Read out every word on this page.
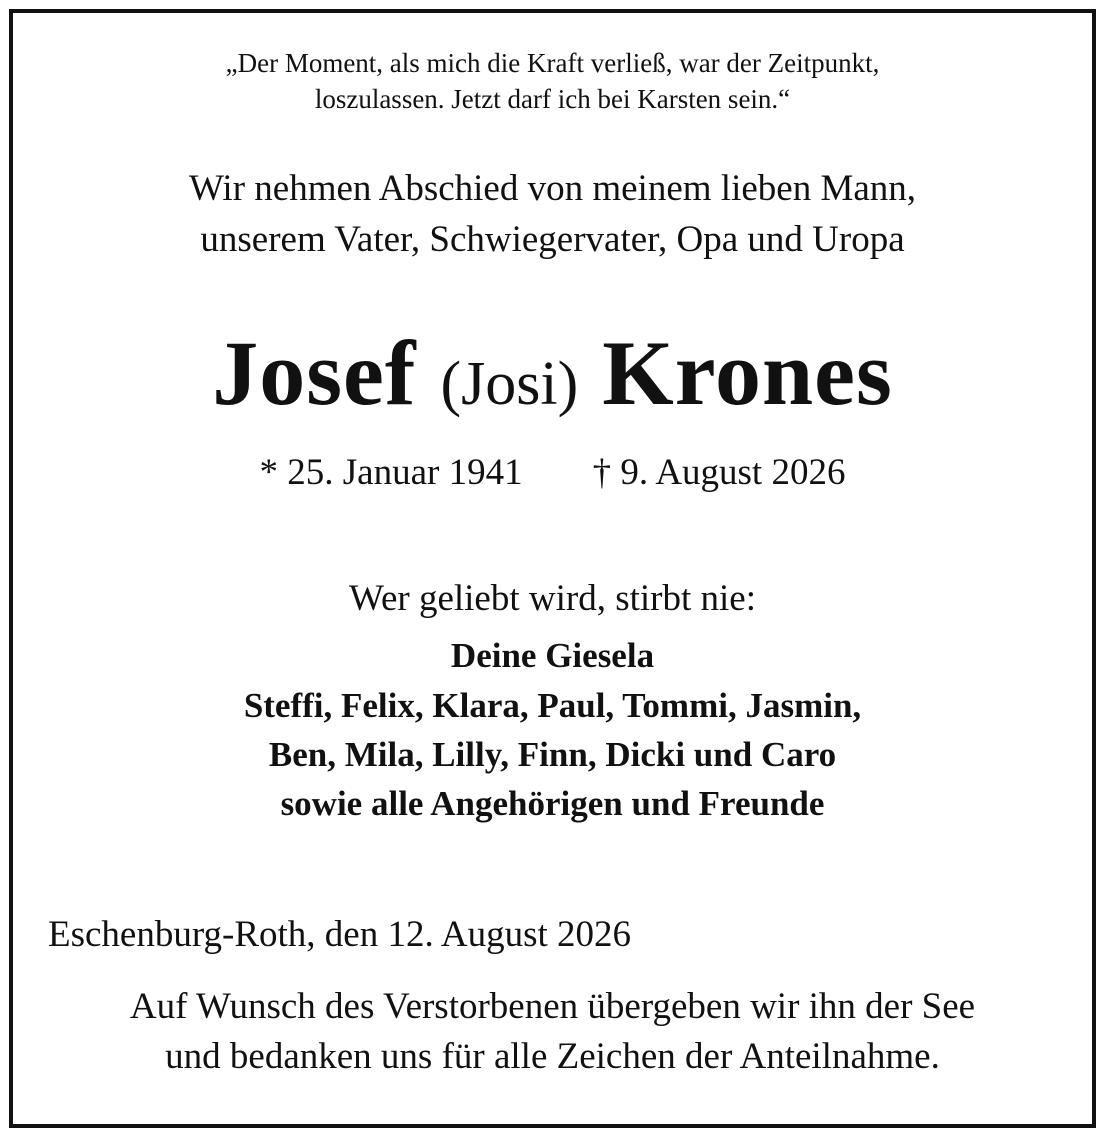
„Der Moment, als mich die Kraft verließ, war der Zeitpunkt,
loszulassen. Jetzt darf ich bei Karsten sein.“
Wir nehmen Abschied von meinem lieben Mann,
unserem Vater, Schwiegervater, Opa und Uropa
Josef (Josi) Krones
* 25. Januar 1941 † 9. August 2026
Wer geliebt wird, stirbt nie:
Deine Giesela
Steffi, Felix, Klara, Paul, Tommi, Jasmin,
Ben, Mila, Lilly, Finn, Dicki und Caro
sowie alle Angehörigen und Freunde
Eschenburg-Roth, den 12. August 2026
Auf Wunsch des Verstorbenen übergeben wir ihn der See
und bedanken uns für alle Zeichen der Anteilnahme.
